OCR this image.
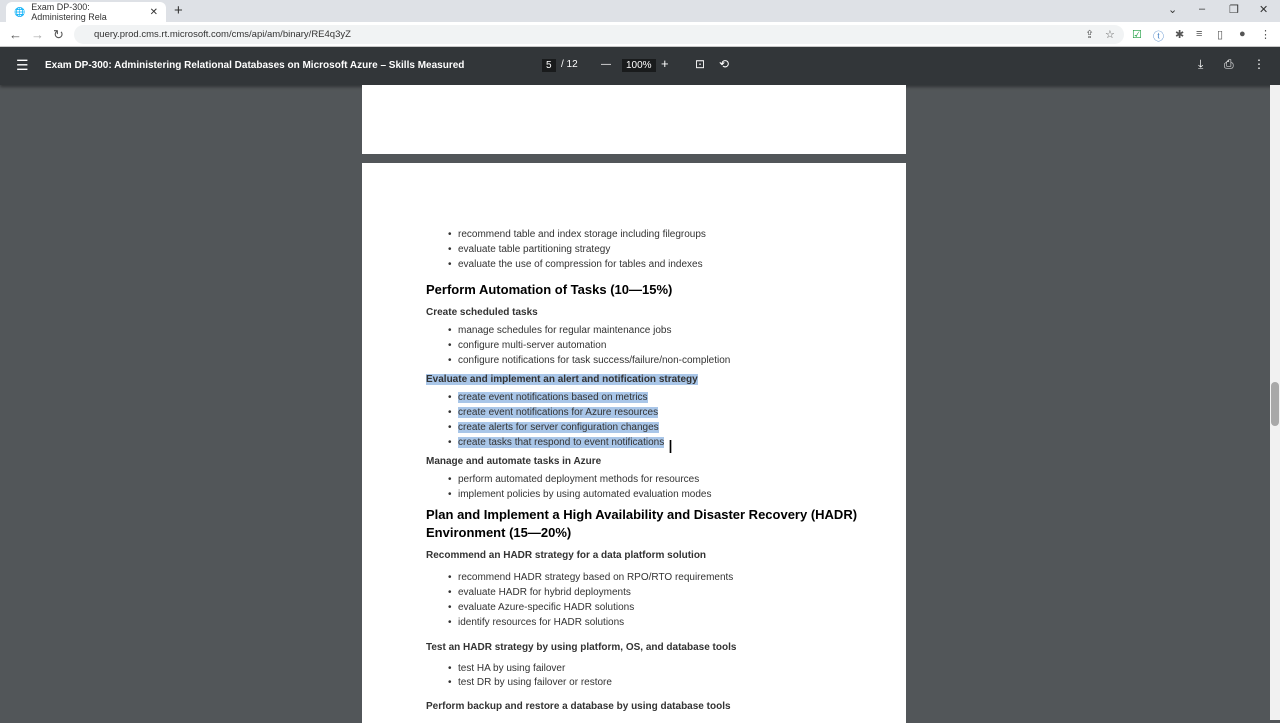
🌐 Exam DP-300: Administering Rela	✕ +	⌄ – ❐ ✕
← → ↻	query.prod.cms.rt.microsoft.com/cms/api/am/binary/RE4q3yZ	⇪ ☆ ☑ ⓣ ✱ ≡ ▯ ● ⋮
☰ Exam DP-300: Administering Relational Databases on Microsoft Azure – Skills Measured	5 / 12 —	100% + ⊡ ⟲	⤓ ⎙ ⋮
• recommend table and index storage including filegroups
• evaluate table partitioning strategy
• evaluate the use of compression for tables and indexes
Perform Automation of Tasks (10—15%)
Create scheduled tasks
• manage schedules for regular maintenance jobs
• configure multi-server automation
• configure notifications for task success/failure/non-completion
Evaluate and implement an alert and notification strategy
• create event notifications based on metrics
• create event notifications for Azure resources
• create alerts for server configuration changes
• create tasks that respond to event notifications I
Manage and automate tasks in Azure
• perform automated deployment methods for resources
• implement policies by using automated evaluation modes
Plan and Implement a High Availability and Disaster Recovery (HADR)
Environment (15—20%)
Recommend an HADR strategy for a data platform solution
• recommend HADR strategy based on RPO/RTO requirements
• evaluate HADR for hybrid deployments
• evaluate Azure-specific HADR solutions
• identify resources for HADR solutions
Test an HADR strategy by using platform, OS, and database tools
• test HA by using failover
• test DR by using failover or restore
Perform backup and restore a database by using database tools
